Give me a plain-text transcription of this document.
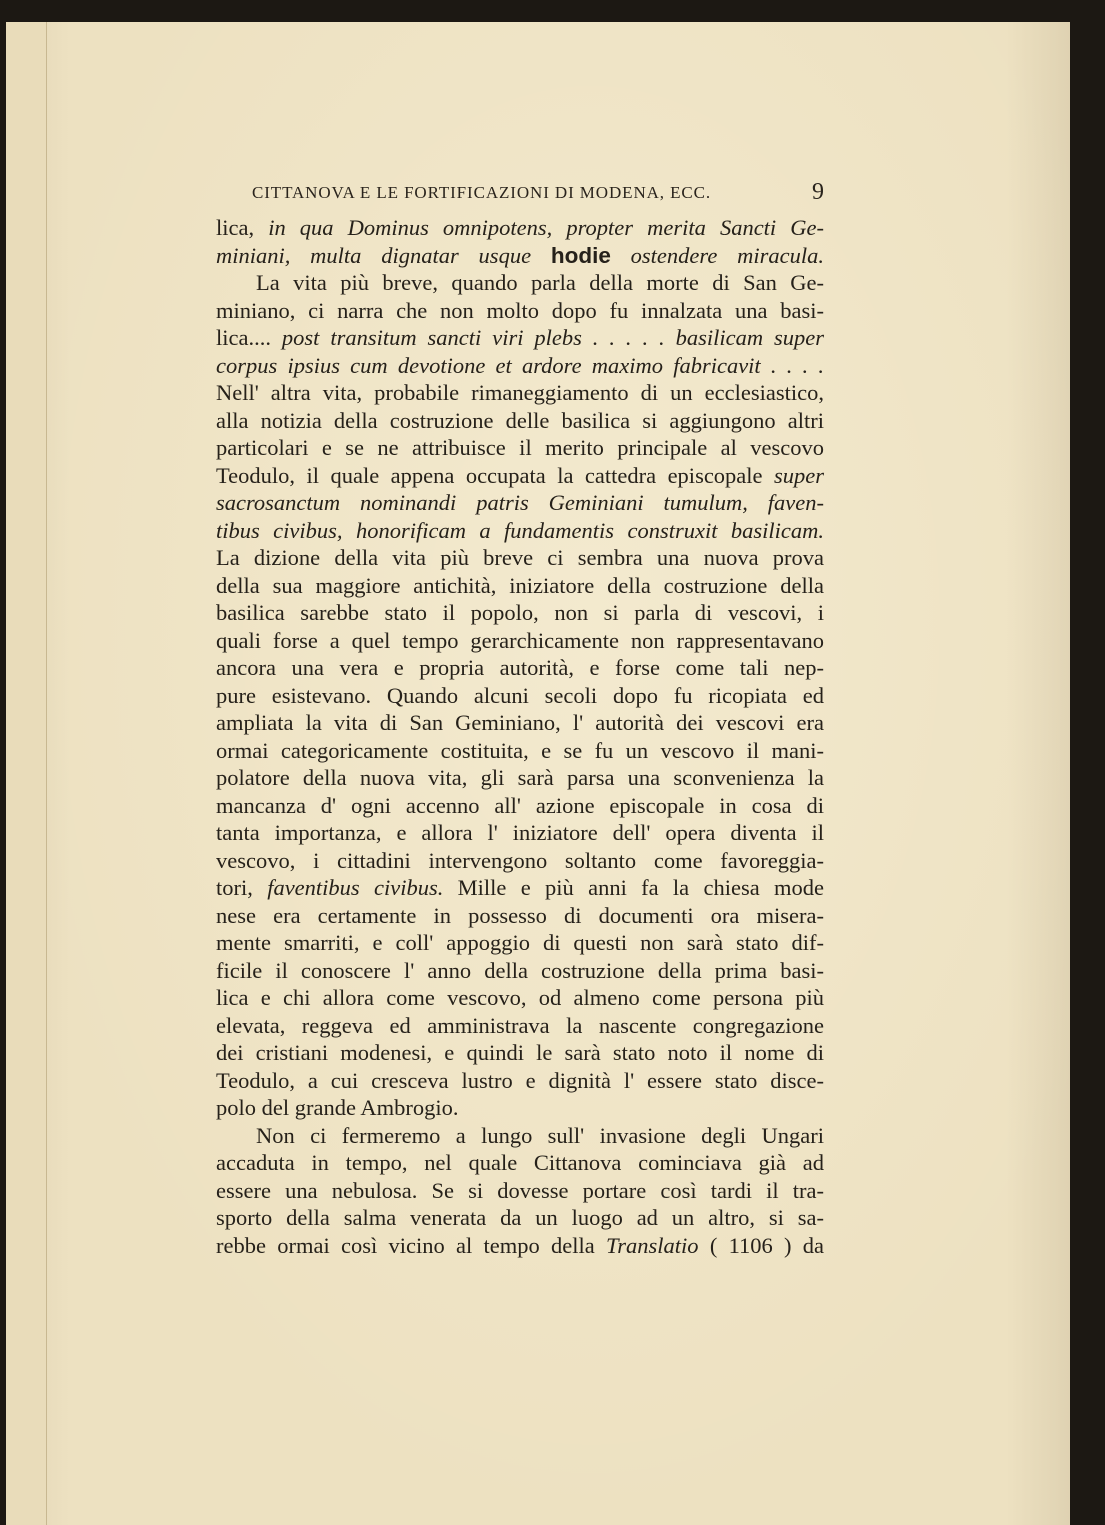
CITTANOVA E LE FORTIFICAZIONI DI MODENA, ECC.	9
lica, in qua Dominus omnipotens, propter merita Sancti Ge-
miniani, multa dignatar usque hodie ostendere miracula.
La vita più breve, quando parla della morte di San Ge-
miniano, ci narra che non molto dopo fu innalzata una basi-
lica.... post transitum sancti viri plebs . . . . . basilicam super
corpus ipsius cum devotione et ardore maximo fabricavit . . . .
Nell' altra vita, probabile rimaneggiamento di un ecclesiastico,
alla notizia della costruzione delle basilica si aggiungono altri
particolari e se ne attribuisce il merito principale al vescovo
Teodulo, il quale appena occupata la cattedra episcopale super
sacrosanctum nominandi patris Geminiani tumulum, faven-
tibus civibus, honorificam a fundamentis construxit basilicam.
La dizione della vita più breve ci sembra una nuova prova
della sua maggiore antichità, iniziatore della costruzione della
basilica sarebbe stato il popolo, non si parla di vescovi, i
quali forse a quel tempo gerarchicamente non rappresentavano
ancora una vera e propria autorità, e forse come tali nep-
pure esistevano. Quando alcuni secoli dopo fu ricopiata ed
ampliata la vita di San Geminiano, l' autorità dei vescovi era
ormai categoricamente costituita, e se fu un vescovo il mani-
polatore della nuova vita, gli sarà parsa una sconvenienza la
mancanza d' ogni accenno all' azione episcopale in cosa di
tanta importanza, e allora l' iniziatore dell' opera diventa il
vescovo, i cittadini intervengono soltanto come favoreggia-
tori, faventibus civibus. Mille e più anni fa la chiesa mode
nese era certamente in possesso di documenti ora misera-
mente smarriti, e coll' appoggio di questi non sarà stato dif-
ficile il conoscere l' anno della costruzione della prima basi-
lica e chi allora come vescovo, od almeno come persona più
elevata, reggeva ed amministrava la nascente congregazione
dei cristiani modenesi, e quindi le sarà stato noto il nome di
Teodulo, a cui cresceva lustro e dignità l' essere stato disce-
polo del grande Ambrogio.
Non ci fermeremo a lungo sull' invasione degli Ungari
accaduta in tempo, nel quale Cittanova cominciava già ad
essere una nebulosa. Se si dovesse portare così tardi il tra-
sporto della salma venerata da un luogo ad un altro, si sa-
rebbe ormai così vicino al tempo della Translatio ( 1106 ) da
